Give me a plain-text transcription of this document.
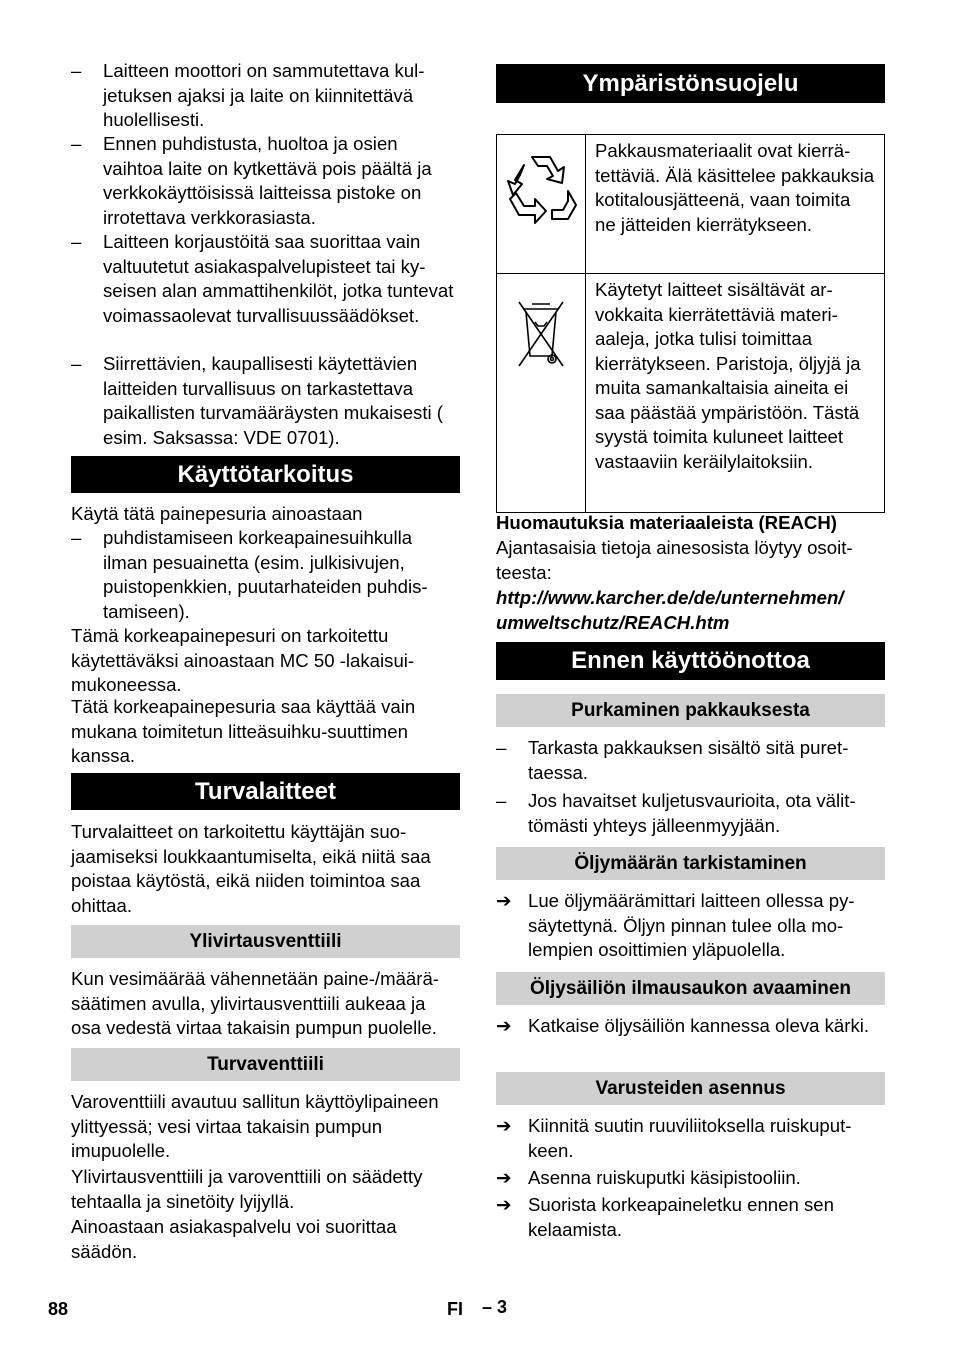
–	Laitteen moottori on sammutettava kuljetuksen ajaksi ja laite on kiinnitettävä huolellisesti.
–	Ennen puhdistusta, huoltoa ja osien vaihtoa laite on kytkettävä pois päältä ja verkkokäyttöisissä laitteissa pistoke on irrotettava verkkorasiasta.
–	Laitteen korjaustöitä saa suorittaa vain valtuutetut asiakaspalvelupisteet tai kyseisen alan ammattihenkilöt, jotka tuntevat voimassaolevat turvallisuussäädökset.
–	Siirrettävien, kaupallisesti käytettävien laitteiden turvallisuus on tarkastettava paikallisten turvamääräysten mukaisesti ( esim. Saksassa: VDE 0701).
Käyttötarkoitus
Käytä tätä painepesuria ainoastaan
–	puhdistamiseen korkeapainesuihkulla ilman pesuainetta (esim. julkisivujen, puistopenkkien, puutarhateiden puhdistamiseen).
Tämä korkeapainepesuri on tarkoitettu käytettäväksi ainoastaan MC 50 -lakaisuimukoneessa.
Tätä korkeapainepesuria saa käyttää vain mukana toimitetun litteäsuihku-suuttimen kanssa.
Turvalaitteet
Turvalaitteet on tarkoitettu käyttäjän suojaamiseksi loukkaantumiselta, eikä niitä saa poistaa käytöstä, eikä niiden toimintoa saa ohittaa.
Ylivirtausventtiili
Kun vesimäärää vähennetään paine-/määräsäätimen avulla, ylivirtausventtiili aukeaa ja osa vedestä virtaa takaisin pumpun puolelle.
Turvaventtiili
Varoventtiili avautuu sallitun käyttöylipaineen ylittyessä; vesi virtaa takaisin pumpun imupuolelle.
Ylivirtausventtiili ja varoventtiili on säädetty tehtaalla ja sinetöity lyijyllä.
Ainoastaan asiakaspalvelu voi suorittaa säädön.
Ympäristönsuojelu
	Pakkausmateriaalit ovat kierrätettäviä. Älä käsittelee pakkauksia kotitalousjätteenä, vaan toimita ne jätteiden kierrätykseen.
	Käytetyt laitteet sisältävät arvokkaita kierrätettäviä materiaaleja, jotka tulisi toimittaa kierrätykseen. Paristoja, öljyjä ja muita samankaltaisia aineita ei saa päästää ympäristöön. Tästä syystä toimita kuluneet laitteet vastaaviin keräilylaitoksiin.
Huomautuksia materiaaleista (REACH)
Ajantasaisia tietoja ainesosista löytyy osoitteesta:
http://www.karcher.de/de/unternehmen/ umweltschutz/REACH.htm
Ennen käyttöönottoa
Purkaminen pakkauksesta
–	Tarkasta pakkauksen sisältö sitä purettaessa.
–	Jos havaitset kuljetusvaurioita, ota välittömästi yhteys jälleenmyyjään.
Öljymäärän tarkistaminen
➔ Lue öljymäärämittari laitteen ollessa pysäytettynä. Öljyn pinnan tulee olla molempien osoittimien yläpuolella.
Öljysäiliön ilmausaukon avaaminen
➔ Katkaise öljysäiliön kannessa oleva kärki.
Varusteiden asennus
➔ Kiinnitä suutin ruuviliitoksella ruiskuputkeen.
➔ Asenna ruiskuputki käsipistooliin.
➔ Suorista korkeapaineletku ennen sen kelaamista.
88	FI – 3
